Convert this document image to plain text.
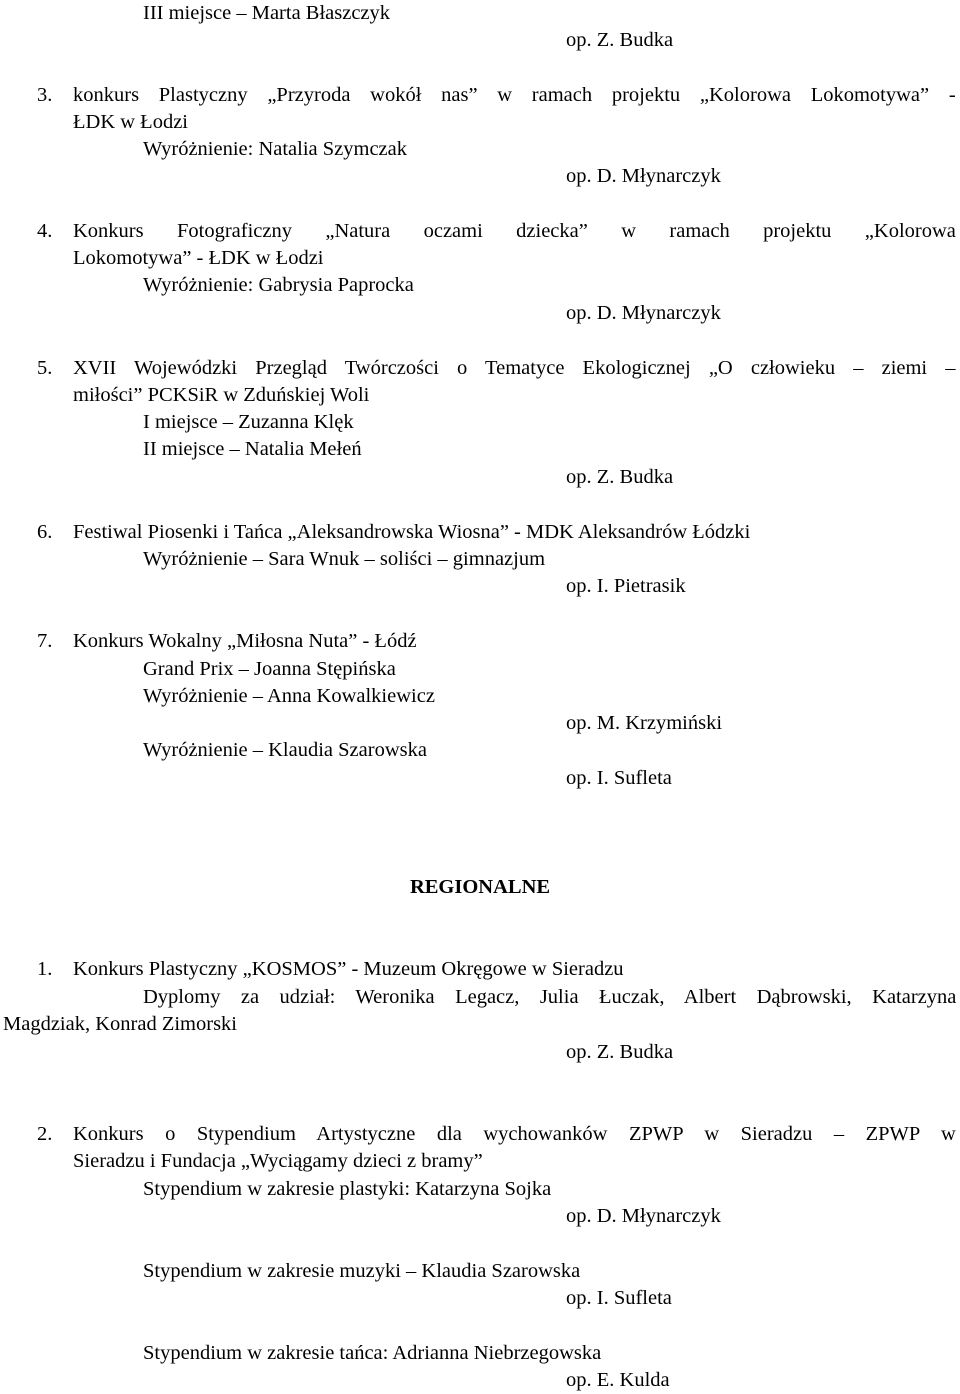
III miejsce – Marta Błaszczyk
op. Z. Budka
3. konkurs Plastyczny „Przyroda wokół nas” w ramach projektu „Kolorowa Lokomotywa” -
ŁDK w Łodzi
Wyróżnienie: Natalia Szymczak
op. D. Młynarczyk
4. Konkurs Fotograficzny „Natura oczami dziecka” w ramach projektu „Kolorowa
Lokomotywa” - ŁDK w Łodzi
Wyróżnienie: Gabrysia Paprocka
op. D. Młynarczyk
5. XVII Wojewódzki Przegląd Twórczości o Tematyce Ekologicznej „O człowieku – ziemi –
miłości” PCKSiR w Zduńskiej Woli
I miejsce – Zuzanna Klęk
II miejsce – Natalia Mełeń
op. Z. Budka
6. Festiwal Piosenki i Tańca „Aleksandrowska Wiosna” - MDK Aleksandrów Łódzki
Wyróżnienie – Sara Wnuk – soliści – gimnazjum
op. I. Pietrasik
7. Konkurs Wokalny „Miłosna Nuta” - Łódź
Grand Prix – Joanna Stępińska
Wyróżnienie – Anna Kowalkiewicz
op. M. Krzymiński
Wyróżnienie – Klaudia Szarowska
op. I. Sufleta
REGIONALNE
1. Konkurs Plastyczny „KOSMOS” - Muzeum Okręgowe w Sieradzu
Dyplomy za udział: Weronika Legacz, Julia Łuczak, Albert Dąbrowski, Katarzyna
Magdziak, Konrad Zimorski
op. Z. Budka
2. Konkurs o Stypendium Artystyczne dla wychowanków ZPWP w Sieradzu – ZPWP w
Sieradzu i Fundacja „Wyciągamy dzieci z bramy”
Stypendium w zakresie plastyki: Katarzyna Sojka
op. D. Młynarczyk
Stypendium w zakresie muzyki – Klaudia Szarowska
op. I. Sufleta
Stypendium w zakresie tańca: Adrianna Niebrzegowska
op. E. Kulda
